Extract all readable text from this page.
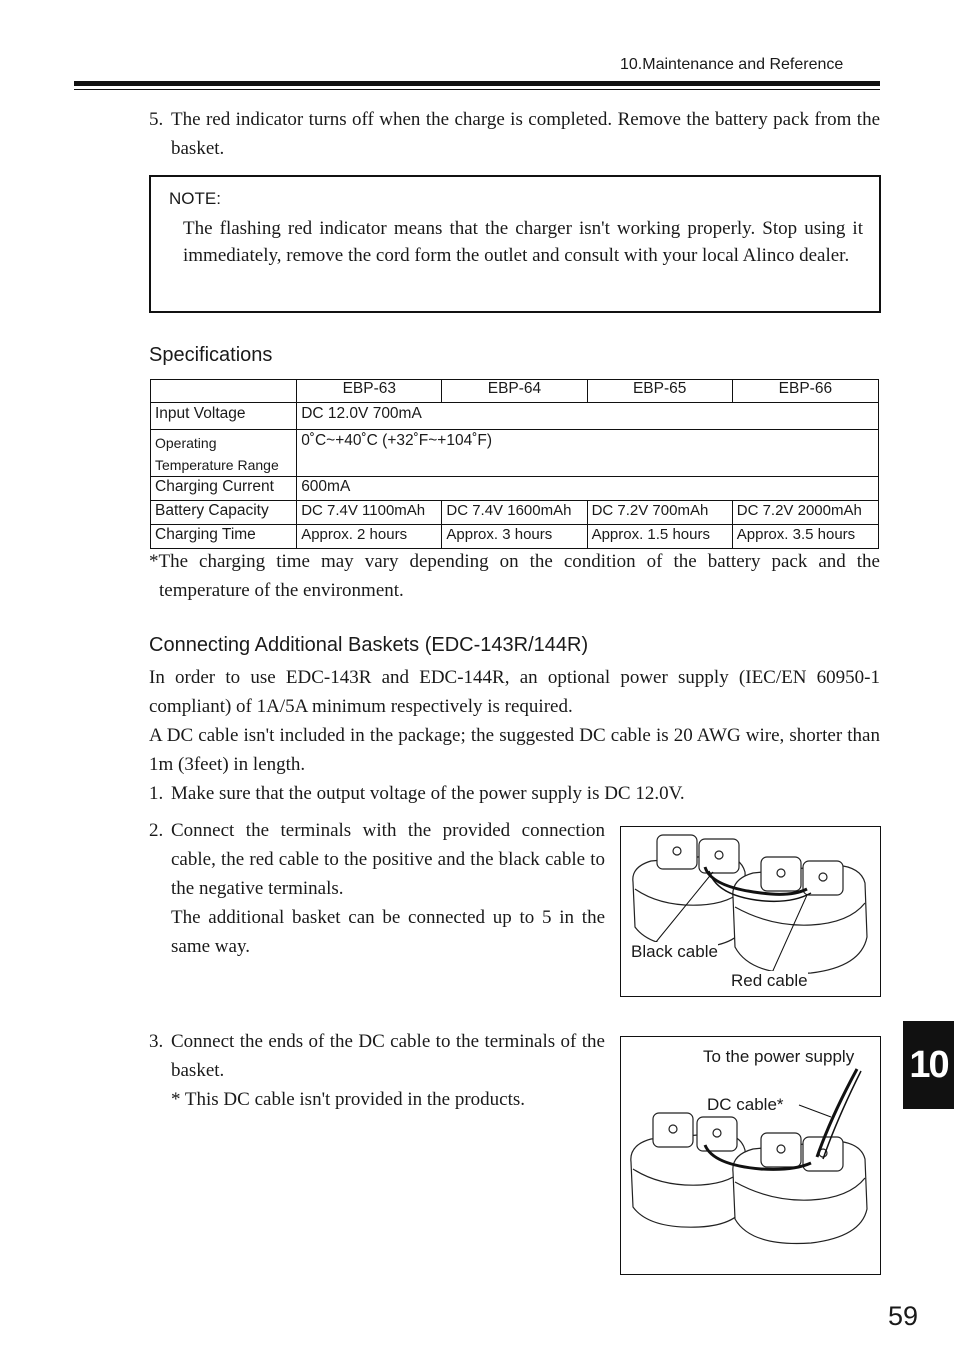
10.Maintenance and Reference
5. The red indicator turns off when the charge is completed. Remove the battery pack from the basket.
NOTE:
The flashing red indicator means that the charger isn't working properly. Stop using it immediately, remove the cord form the outlet and consult with your local Alinco dealer.
Specifications
	EBP-63	EBP-64	EBP-65	EBP-66
Input Voltage	DC 12.0V 700mA			

Operating
Temperature Range	0˚C~+40˚C (+32˚F~+104˚F)			
Charging Current	600mA			
Battery Capacity	DC 7.4V 1100mAh	DC 7.4V 1600mAh	DC 7.2V 700mAh	DC 7.2V 2000mAh
Charging Time	Approx. 2 hours	Approx. 3 hours	Approx. 1.5 hours	Approx. 3.5 hours
*The charging time may vary depending on the condition of the battery pack and the temperature of the environment.
Connecting Additional Baskets (EDC-143R/144R)
In order to use EDC-143R and EDC-144R, an optional power supply (IEC/EN 60950-1 compliant) of 1A/5A minimum respectively is required.
A DC cable isn't included in the package; the suggested DC cable is 20 AWG wire, shorter than 1m (3feet) in length.
1. Make sure that the output voltage of the power supply is DC 12.0V.
2. Connect the terminals with the provided connection cable, the red cable to the positive and the black cable to the negative terminals.
The additional basket can be connected up to 5 in the same way.	Black cable
Red cable
3. Connect the ends of the DC cable to the terminals of the basket.
* This DC cable isn't provided in the products.
To the power supply
DC cable*
10
59
